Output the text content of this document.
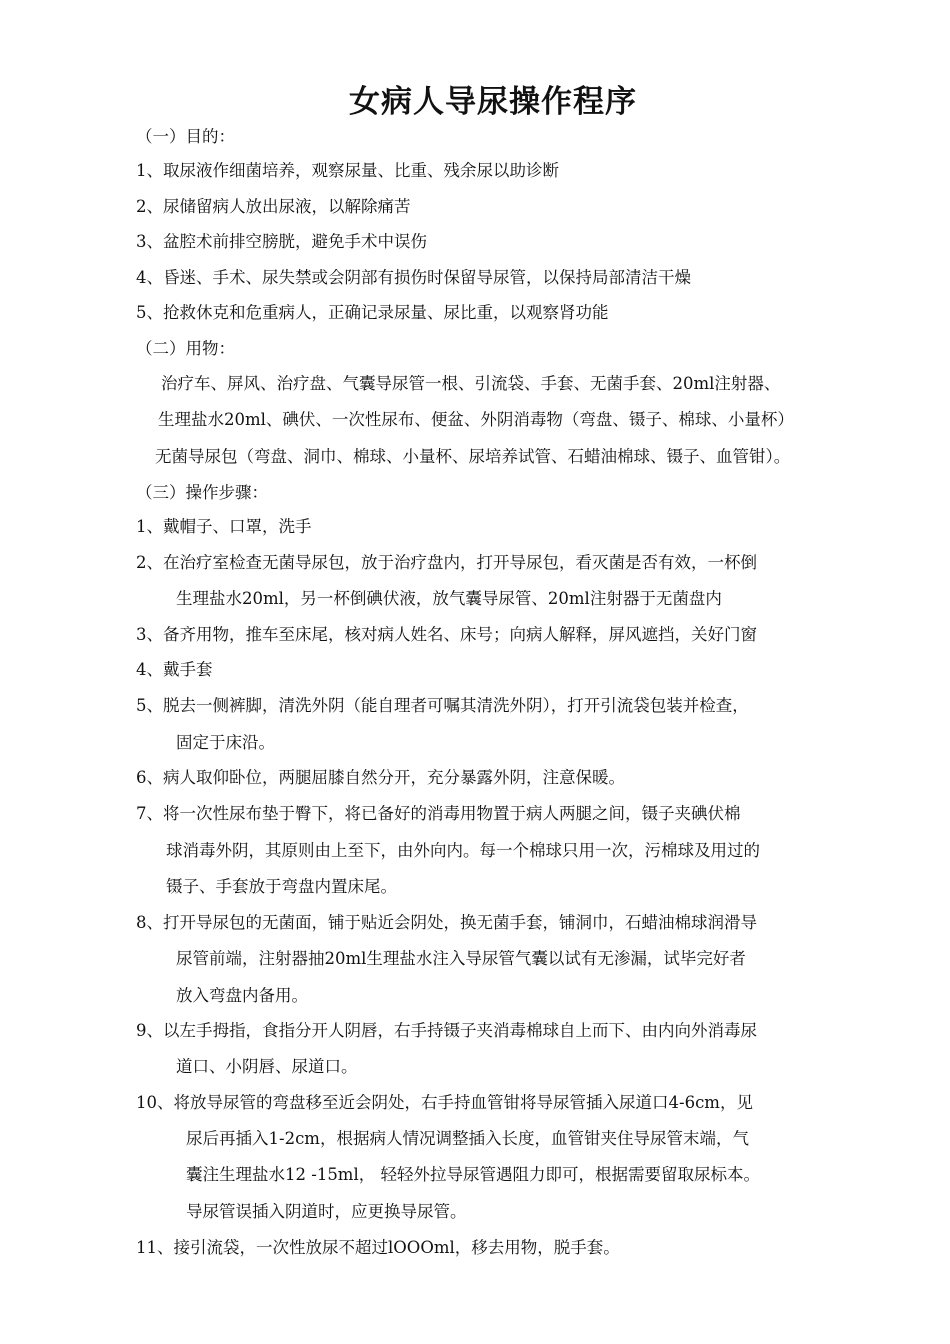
女病人导尿操作程序
（一）目的：
1、取尿液作细菌培养，观察尿量、比重、残余尿以助诊断
2、尿储留病人放出尿液，以解除痛苦
3、盆腔术前排空膀胱，避免手术中误伤
4、昏迷、手术、尿失禁或会阴部有损伤时保留导尿管，以保持局部清洁干燥
5、抢救休克和危重病人，正确记录尿量、尿比重，以观察肾功能
（二）用物：
治疗车、屏风、治疗盘、气囊导尿管一根、引流袋、手套、无菌手套、20ml注射器、
生理盐水20ml、碘伏、一次性尿布、便盆、外阴消毒物（弯盘、镊子、棉球、小量杯）
无菌导尿包（弯盘、洞巾、棉球、小量杯、尿培养试管、石蜡油棉球、镊子、血管钳）。
（三）操作步骤：
1、戴帽子、口罩，洗手
2、在治疗室检查无菌导尿包，放于治疗盘内，打开导尿包，看灭菌是否有效，一杯倒
生理盐水20ml，另一杯倒碘伏液，放气囊导尿管、20ml注射器于无菌盘内
3、备齐用物，推车至床尾，核对病人姓名、床号；向病人解释，屏风遮挡，关好门窗
4、戴手套
5、脱去一侧裤脚，清洗外阴（能自理者可嘱其清洗外阴），打开引流袋包装并检查，
固定于床沿。
6、病人取仰卧位，两腿屈膝自然分开，充分暴露外阴，注意保暖。
7、将一次性尿布垫于臀下，将已备好的消毒用物置于病人两腿之间，镊子夹碘伏棉
球消毒外阴，其原则由上至下，由外向内。每一个棉球只用一次，污棉球及用过的
镊子、手套放于弯盘内置床尾。
8、打开导尿包的无菌面，铺于贴近会阴处，换无菌手套，铺洞巾，石蜡油棉球润滑导
尿管前端，注射器抽20ml生理盐水注入导尿管气囊以试有无渗漏，试毕完好者
放入弯盘内备用。
9、以左手拇指，食指分开人阴唇，右手持镊子夹消毒棉球自上而下、由内向外消毒尿
道口、小阴唇、尿道口。
10、将放导尿管的弯盘移至近会阴处，右手持血管钳将导尿管插入尿道口4-6cm，见
尿后再插入1-2cm，根据病人情况调整插入长度，血管钳夹住导尿管末端，气
囊注生理盐水12 -15ml， 轻轻外拉导尿管遇阻力即可，根据需要留取尿标本。
导尿管误插入阴道时，应更换导尿管。
11、接引流袋，一次性放尿不超过lOOOml，移去用物，脱手套。
